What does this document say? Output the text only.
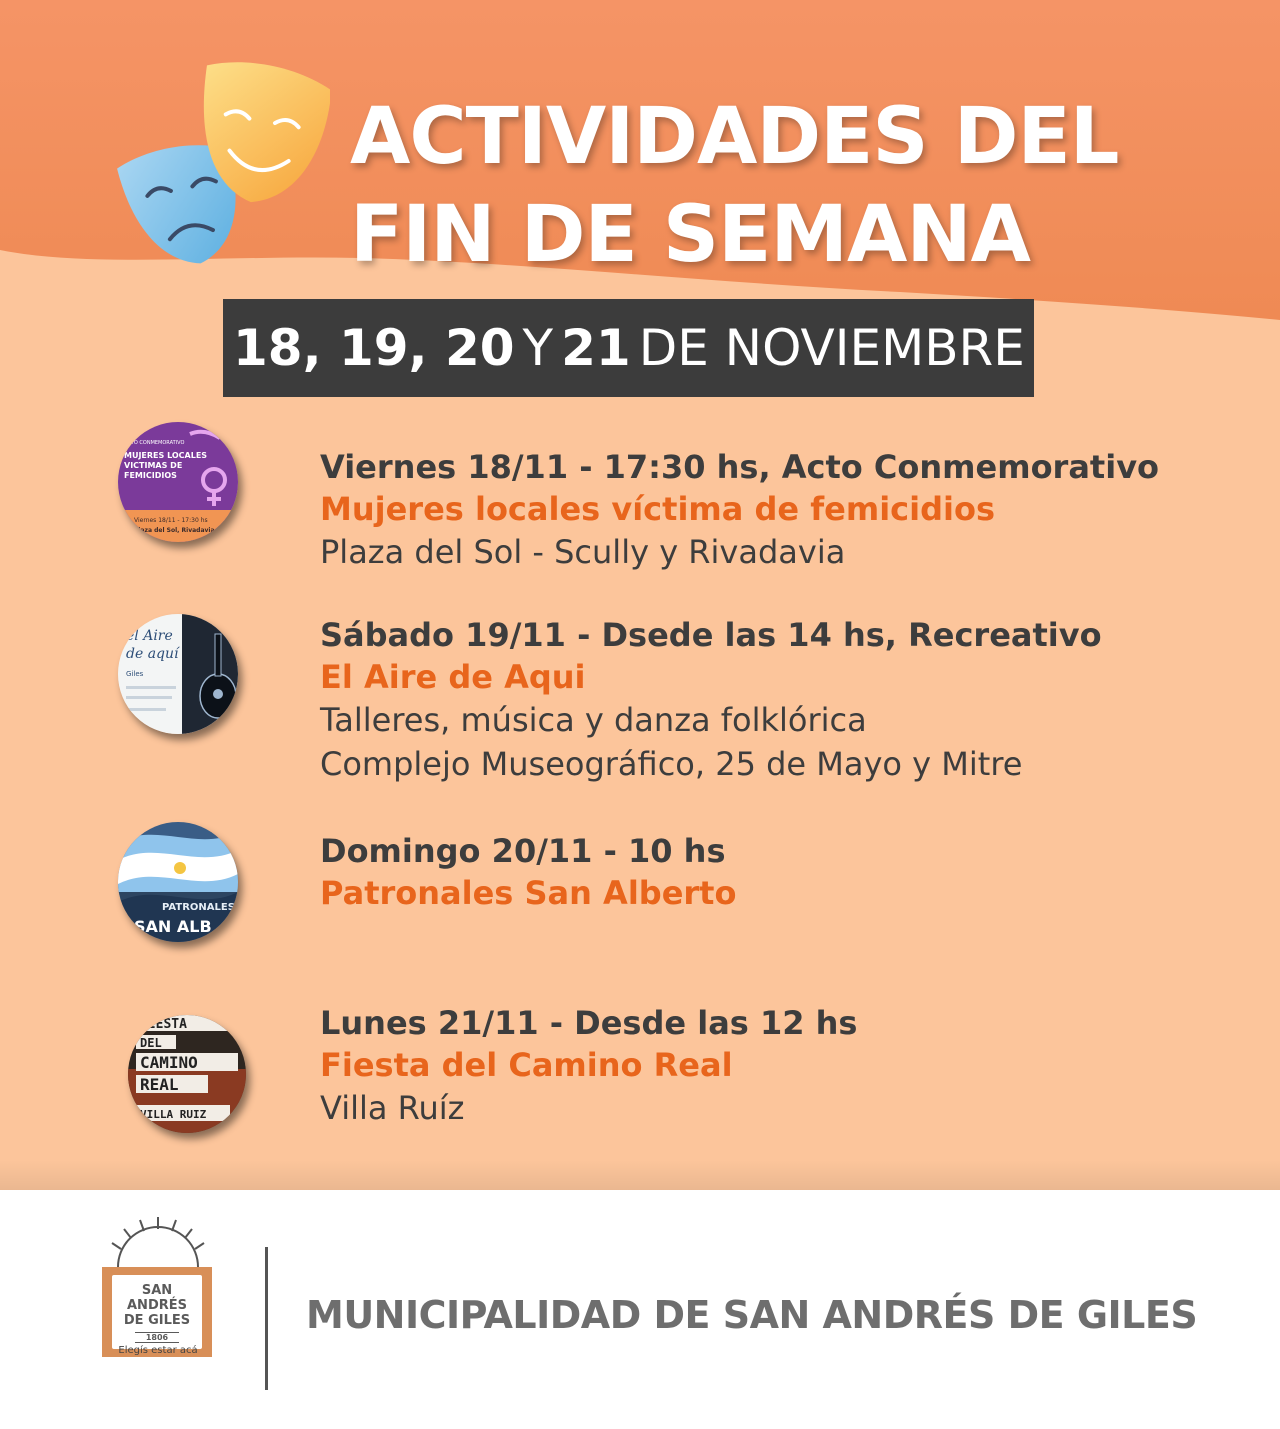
ACTIVIDADES DEL
FIN DE SEMANA
18, 19, 20 Y 21 DE NOVIEMBRE
ACTO CONMEMORATIVO
MUJERES LOCALES
VICTIMAS DE
FEMICIDIOS
Viernes 18/11 - 17:30 hs
Plaza del Sol, Rivadavia y

Viernes 18/11 - 17:30 hs, Acto Conmemorativo

Mujeres locales víctima de femicidios

Plaza del Sol - Scully y Rivadavia

el Aire
de aquí
Giles

Sábado 19/11 - Dsede las 14 hs, Recreativo

El Aire de Aqui

Talleres, música y danza folklórica

Complejo Museográfico, 25 de Mayo y Mitre

PATRONALES
SAN ALB

Domingo 20/11 - 10 hs

Patronales San Alberto

FIESTA
DEL
CAMINO
REAL
VILLA RUIZ

Lunes 21/11 - Desde las 12 hs

Fiesta del Camino Real

Villa Ruíz

SAN
ANDRÉS
DE GILES
1806
Elegís estar acá

MUNICIPALIDAD DE SAN ANDRÉS DE GILES
